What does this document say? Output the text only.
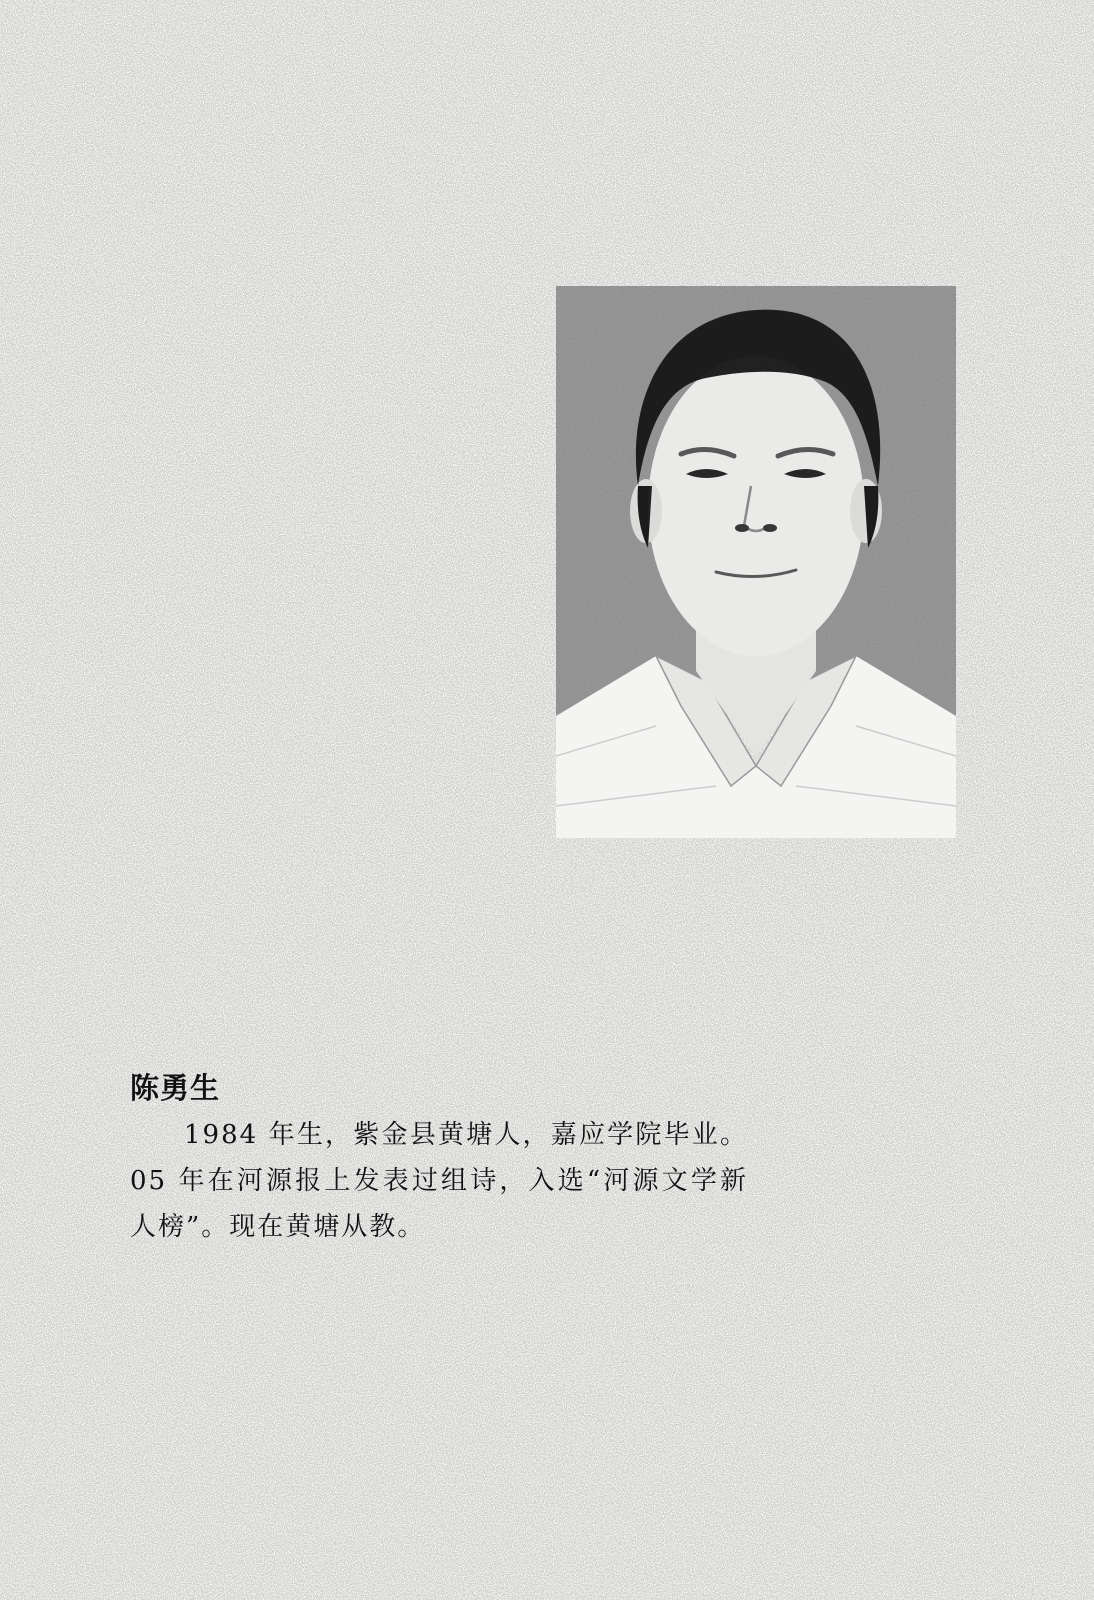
陈勇生

1984 年生，紫金县黄塘人，嘉应学院毕业。05 年在河源报上发表过组诗，入选“河源文学新人榜”。现在黄塘从教。
